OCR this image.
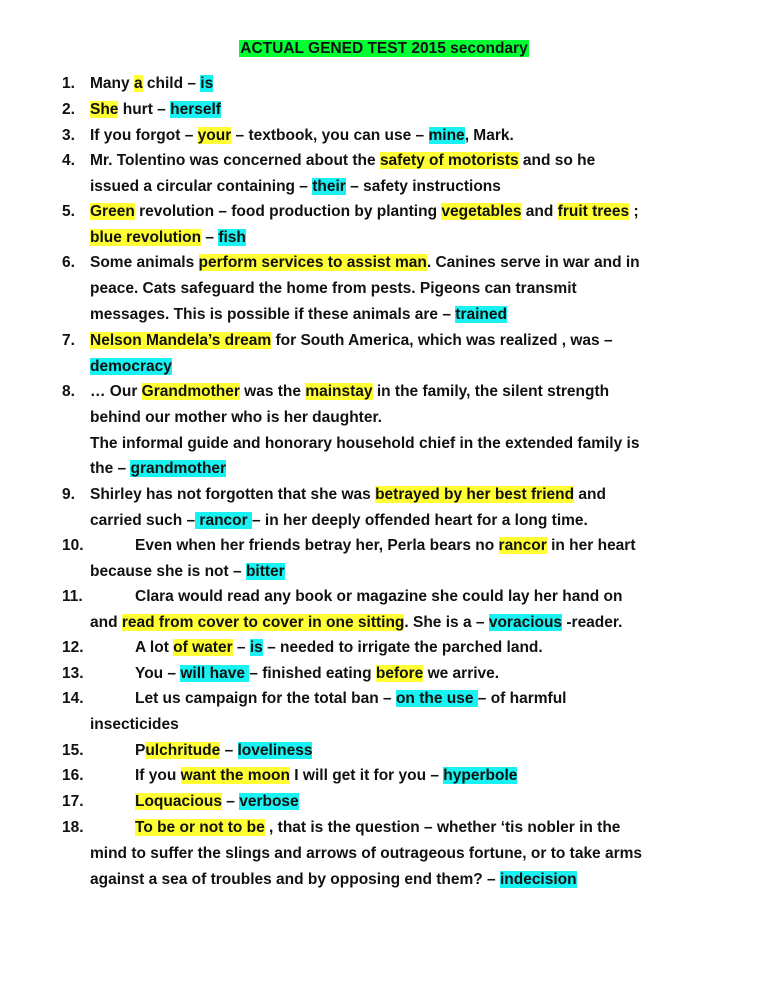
ACTUAL GENED TEST 2015 secondary
1. Many a child – is
2. She hurt – herself
3. If you forgot – your – textbook, you can use – mine, Mark.
4. Mr. Tolentino was concerned about the safety of motorists and so he
issued a circular containing – their – safety instructions
5. Green revolution – food production by planting vegetables and fruit trees ;
blue revolution – fish
6. Some animals perform services to assist man. Canines serve in war and in
peace. Cats safeguard the home from pests. Pigeons can transmit
messages. This is possible if these animals are – trained
7. Nelson Mandela’s dream for South America, which was realized , was –
democracy
8. … Our Grandmother was the mainstay in the family, the silent strength
behind our mother who is her daughter.
The informal guide and honorary household chief in the extended family is
the – grandmother
9. Shirley has not forgotten that she was betrayed by her best friend and
carried such – rancor – in her deeply offended heart for a long time.
10.	Even when her friends betray her, Perla bears no rancor in her heart
because she is not – bitter
11.	Clara would read any book or magazine she could lay her hand on
and read from cover to cover in one sitting. She is a – voracious -reader.
12.	A lot of water – is – needed to irrigate the parched land.
13.	You – will have – finished eating before we arrive.
14.	Let us campaign for the total ban – on the use – of harmful
insecticides
15.	Pulchritude – loveliness
16.	If you want the moon I will get it for you – hyperbole
17.	Loquacious – verbose
18.	To be or not to be , that is the question – whether ‘tis nobler in the
mind to suffer the slings and arrows of outrageous fortune, or to take arms
against a sea of troubles and by opposing end them? – indecision
